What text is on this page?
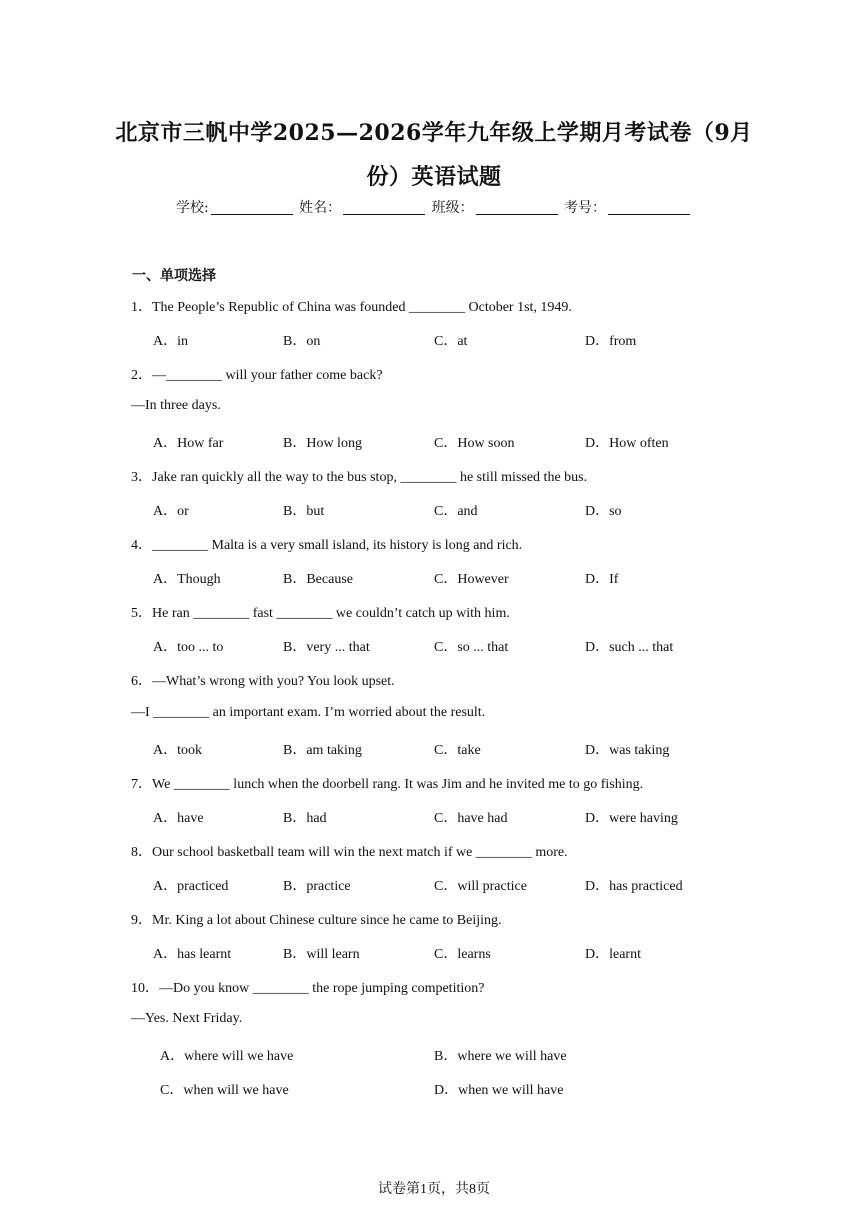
北京市三帆中学2025—2026学年九年级上学期月考试卷（9月
份）英语试题
学校:	姓名：	班级：	考号：
一、单项选择
1．The People’s Republic of China was founded ________ October 1st, 1949.
A．in	B．on	C．at	D．from
2．—________ will your father come back?
—In three days.
A．How far	B．How long	C．How soon	D．How often
3．Jake ran quickly all the way to the bus stop, ________ he still missed the bus.
A．or	B．but	C．and	D．so
4．________ Malta is a very small island, its history is long and rich.
A．Though	B．Because	C．However	D．If
5．He ran ________ fast ________ we couldn’t catch up with him.
A．too ... to	B．very ... that	C．so ... that	D．such ... that
6．—What’s wrong with you? You look upset.
—I ________ an important exam. I’m worried about the result.
A．took	B．am taking	C．take	D．was taking
7．We ________ lunch when the doorbell rang. It was Jim and he invited me to go fishing.
A．have	B．had	C．have had	D．were having
8．Our school basketball team will win the next match if we ________ more.
A．practiced	B．practice	C．will practice	D．has practiced
9．Mr. King a lot about Chinese culture since he came to Beijing.
A．has learnt	B．will learn	C．learns	D．learnt
10．—Do you know ________ the rope jumping competition?
—Yes. Next Friday.
A．where will we have	B．where we will have
C．when will we have	D．when we will have
试卷第1页，共8页
